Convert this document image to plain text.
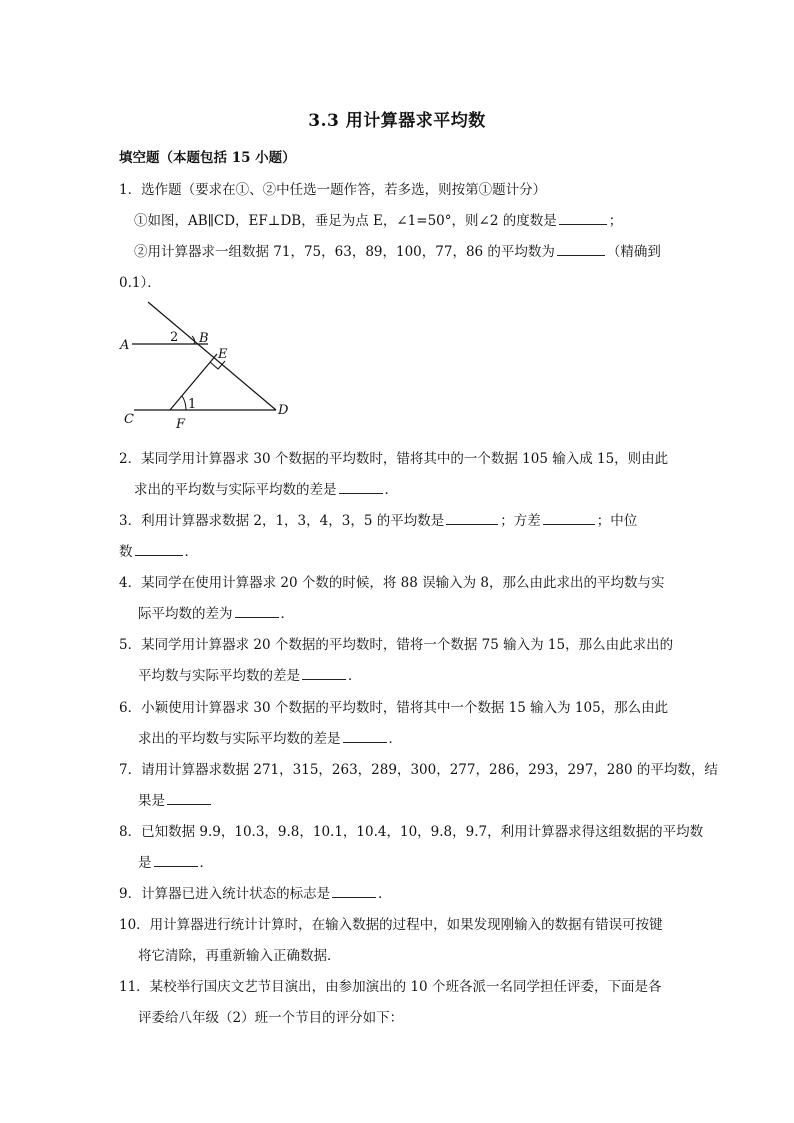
3.3 用计算器求平均数
填空题（本题包括 15 小题）
1．选作题（要求在①、②中任选一题作答，若多选，则按第①题计分）
①如图，AB∥CD，EF⊥DB，垂足为点 E，∠1=50°，则∠2 的度数是	；
②用计算器求一组数据 71，75，63，89，100，77，86 的平均数为	（精确到
0.1）．
A	B
E
C	F
D
1
2
2．某同学用计算器求 30 个数据的平均数时，错将其中的一个数据 105 输入成 15，则由此
求出的平均数与实际平均数的差是	．
3．利用计算器求数据 2，1，3，4，3，5 的平均数是	；方差	；中位
数	．
4．某同学在使用计算器求 20 个数的时候，将 88 误输入为 8，那么由此求出的平均数与实
际平均数的差为	．
5．某同学用计算器求 20 个数据的平均数时，错将一个数据 75 输入为 15，那么由此求出的
平均数与实际平均数的差是	．
6．小颖使用计算器求 30 个数据的平均数时，错将其中一个数据 15 输入为 105，那么由此
求出的平均数与实际平均数的差是	．
7．请用计算器求数据 271，315，263，289，300，277，286，293，297，280 的平均数，结
果是
8．已知数据 9.9，10.3，9.8，10.1，10.4，10，9.8，9.7，利用计算器求得这组数据的平均数
是	．
9．计算器已进入统计状态的标志是	．
10．用计算器进行统计计算时，在输入数据的过程中，如果发现刚输入的数据有错误可按键
将它清除，再重新输入正确数据．
11．某校举行国庆文艺节目演出，由参加演出的 10 个班各派一名同学担任评委，下面是各
评委给八年级（2）班一个节目的评分如下：
